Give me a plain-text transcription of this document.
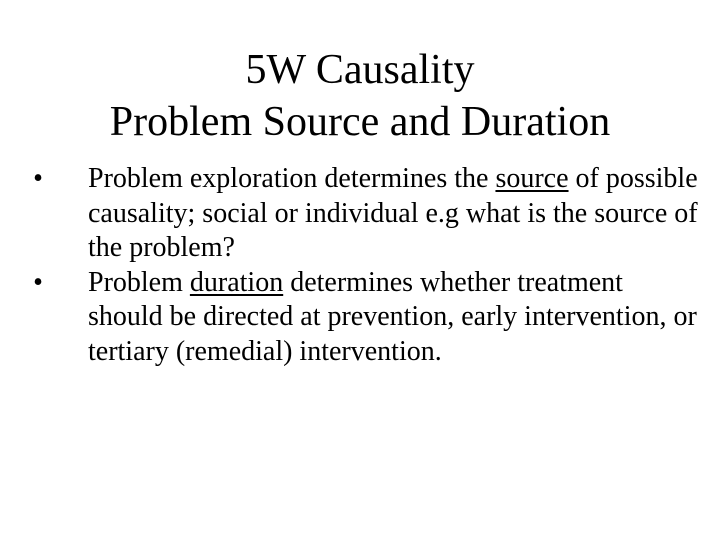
5W Causality
Problem Source and Duration
• Problem exploration determines the source of possible causality; social or individual e.g what is the source of the problem?
• Problem duration determines whether treatment should be directed at prevention, early intervention, or tertiary (remedial) intervention.
